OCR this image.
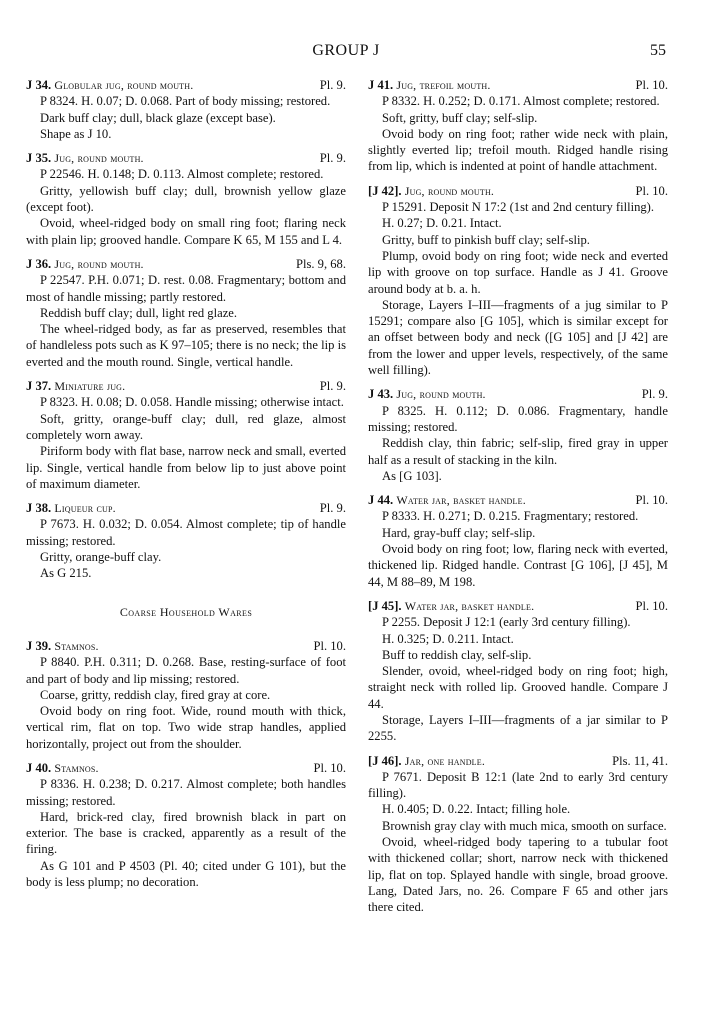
GROUP J	55
J 34. Globular jug, round mouth.	Pl. 9.

P 8324. H. 0.07; D. 0.068. Part of body missing; restored.

Dark buff clay; dull, black glaze (except base).

Shape as J 10.

J 35. Jug, round mouth.	Pl. 9.

P 22546. H. 0.148; D. 0.113. Almost complete; restored.

Gritty, yellowish buff clay; dull, brownish yellow glaze (except foot).

Ovoid, wheel-ridged body on small ring foot; flaring neck with plain lip; grooved handle. Compare K 65, M 155 and L 4.

J 36. Jug, round mouth.	Pls. 9, 68.

P 22547. P.H. 0.071; D. rest. 0.08. Fragmentary; bottom and most of handle missing; partly restored.

Reddish buff clay; dull, light red glaze.

The wheel-ridged body, as far as preserved, resembles that of handleless pots such as K 97–105; there is no neck; the lip is everted and the mouth round. Single, vertical handle.

J 37. Miniature jug.	Pl. 9.

P 8323. H. 0.08; D. 0.058. Handle missing; otherwise intact.

Soft, gritty, orange-buff clay; dull, red glaze, almost completely worn away.

Piriform body with flat base, narrow neck and small, everted lip. Single, vertical handle from below lip to just above point of maximum diameter.

J 38. Liqueur cup.	Pl. 9.

P 7673. H. 0.032; D. 0.054. Almost complete; tip of handle missing; restored.

Gritty, orange-buff clay.

As G 215.

Coarse Household Wares
J 39. Stamnos.	Pl. 10.

P 8840. P.H. 0.311; D. 0.268. Base, resting-surface of foot and part of body and lip missing; restored.

Coarse, gritty, reddish clay, fired gray at core.

Ovoid body on ring foot. Wide, round mouth with thick, vertical rim, flat on top. Two wide strap handles, applied horizontally, project out from the shoulder.

J 40. Stamnos.	Pl. 10.

P 8336. H. 0.238; D. 0.217. Almost complete; both handles missing; restored.

Hard, brick-red clay, fired brownish black in part on exterior. The base is cracked, apparently as a result of the firing.

As G 101 and P 4503 (Pl. 40; cited under G 101), but the body is less plump; no decoration.

J 41. Jug, trefoil mouth.	Pl. 10.

P 8332. H. 0.252; D. 0.171. Almost complete; restored.

Soft, gritty, buff clay; self-slip.

Ovoid body on ring foot; rather wide neck with plain, slightly everted lip; trefoil mouth. Ridged handle rising from lip, which is indented at point of handle attachment.

[J 42]. Jug, round mouth.	Pl. 10.

P 15291. Deposit N 17:2 (1st and 2nd century filling).

H. 0.27; D. 0.21. Intact.

Gritty, buff to pinkish buff clay; self-slip.

Plump, ovoid body on ring foot; wide neck and everted lip with groove on top surface. Handle as J 41. Groove around body at b. a. h.

Storage, Layers I–III—fragments of a jug similar to P 15291; compare also [G 105], which is similar except for an offset between body and neck ([G 105] and [J 42] are from the lower and upper levels, respectively, of the same well filling).

J 43. Jug, round mouth.	Pl. 9.

P 8325. H. 0.112; D. 0.086. Fragmentary, handle missing; restored.

Reddish clay, thin fabric; self-slip, fired gray in upper half as a result of stacking in the kiln.

As [G 103].

J 44. Water jar, basket handle.	Pl. 10.

P 8333. H. 0.271; D. 0.215. Fragmentary; restored.

Hard, gray-buff clay; self-slip.

Ovoid body on ring foot; low, flaring neck with everted, thickened lip. Ridged handle. Contrast [G 106], [J 45], M 44, M 88–89, M 198.

[J 45]. Water jar, basket handle.	Pl. 10.

P 2255. Deposit J 12:1 (early 3rd century filling).

H. 0.325; D. 0.211. Intact.

Buff to reddish clay, self-slip.

Slender, ovoid, wheel-ridged body on ring foot; high, straight neck with rolled lip. Grooved handle. Compare J 44.

Storage, Layers I–III—fragments of a jar similar to P 2255.

[J 46]. Jar, one handle.	Pls. 11, 41.

P 7671. Deposit B 12:1 (late 2nd to early 3rd century filling).

H. 0.405; D. 0.22. Intact; filling hole.

Brownish gray clay with much mica, smooth on surface.

Ovoid, wheel-ridged body tapering to a tubular foot with thickened collar; short, narrow neck with thickened lip, flat on top. Splayed handle with single, broad groove. Lang, Dated Jars, no. 26. Compare F 65 and other jars there cited.
